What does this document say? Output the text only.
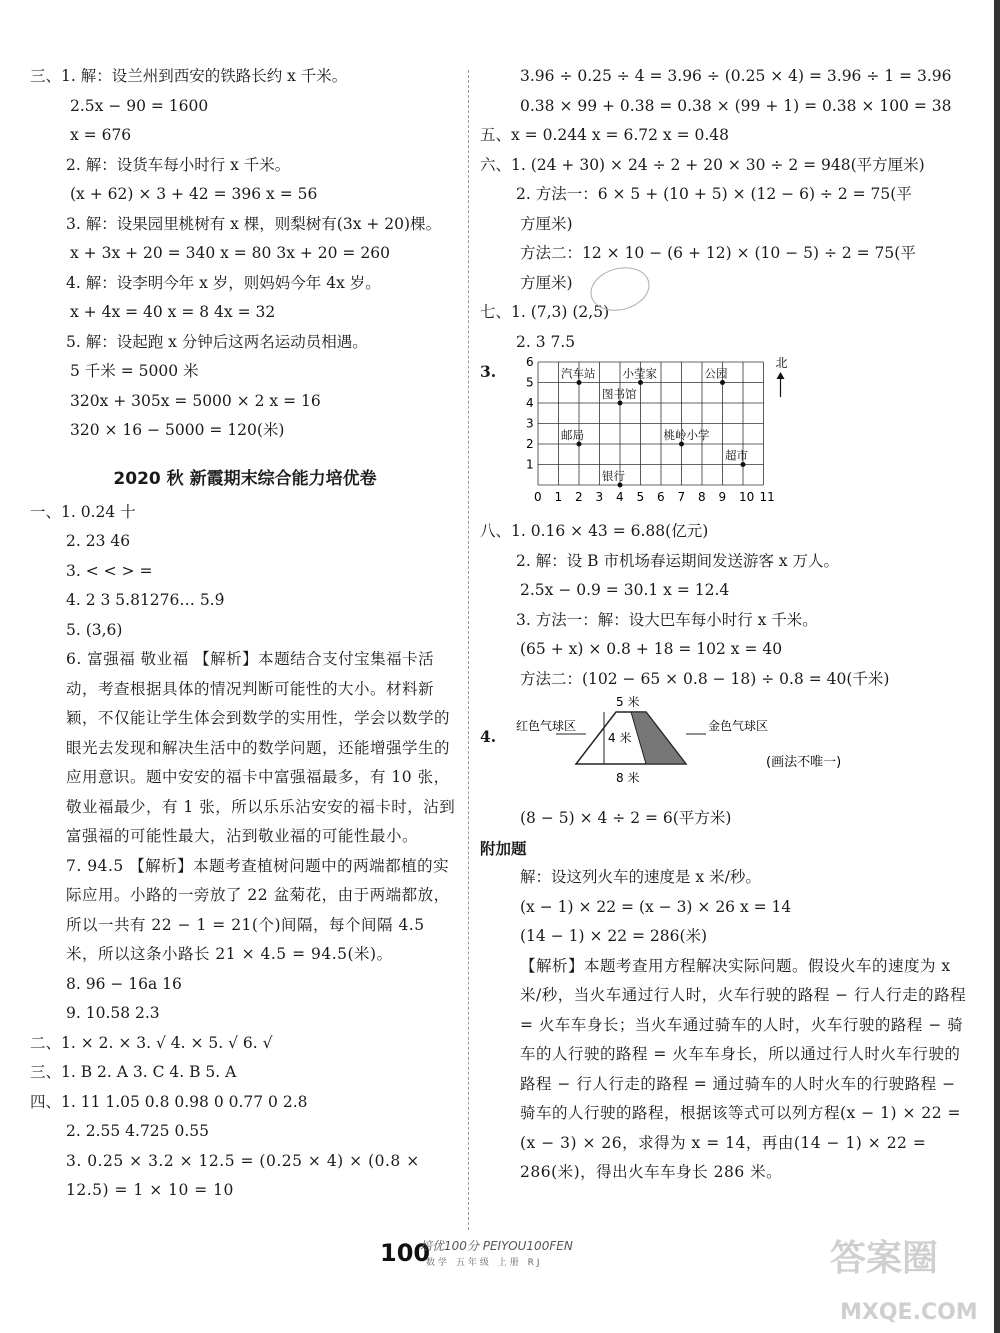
三、1. 解：设兰州到西安的铁路长约 x 千米。
2.5x − 90 = 1600
x = 676
2. 解：设货车每小时行 x 千米。
(x + 62) × 3 + 42 = 396 x = 56
3. 解：设果园里桃树有 x 棵，则梨树有(3x + 20)棵。
x + 3x + 20 = 340 x = 80 3x + 20 = 260
4. 解：设李明今年 x 岁，则妈妈今年 4x 岁。
x + 4x = 40 x = 8 4x = 32
5. 解：设起跑 x 分钟后这两名运动员相遇。
5 千米 = 5000 米
320x + 305x = 5000 × 2 x = 16
320 × 16 − 5000 = 120(米)
2020 秋 新霞期末综合能力培优卷
一、1. 0.24 十
2. 23 46
3. < < > =
4. 2 3 5.81276… 5.9̇
5. (3,6)
6. 富强福 敬业福 【解析】本题结合支付宝集福卡活动，考查根据具体的情况判断可能性的大小。材料新颖，不仅能让学生体会到数学的实用性，学会以数学的眼光去发现和解决生活中的数学问题，还能增强学生的应用意识。题中安安的福卡中富强福最多，有 10 张，敬业福最少，有 1 张，所以乐乐沾安安的福卡时，沾到富强福的可能性最大，沾到敬业福的可能性最小。
7. 94.5 【解析】本题考查植树问题中的两端都植的实际应用。小路的一旁放了 22 盆菊花，由于两端都放，所以一共有 22 − 1 = 21(个)间隔，每个间隔 4.5 米，所以这条小路长 21 × 4.5 = 94.5(米)。
8. 96 − 16a 16
9. 10.58 2.3
二、1. × 2. × 3. √ 4. × 5. √ 6. √
三、1. B 2. A 3. C 4. B 5. A
四、1. 11 1.05 0.8 0.98 0 0.77 0 2.8
2. 2.55 4.725 0.55
3. 0.25 × 3.2 × 12.5 = (0.25 × 4) × (0.8 × 12.5) = 1 × 10 = 10
3.96 ÷ 0.25 ÷ 4 = 3.96 ÷ (0.25 × 4) = 3.96 ÷ 1 = 3.96
0.38 × 99 + 0.38 = 0.38 × (99 + 1) = 0.38 × 100 = 38
五、x = 0.244 x = 6.72 x = 0.48
六、1. (24 + 30) × 24 ÷ 2 + 20 × 30 ÷ 2 = 948(平方厘米)
2. 方法一：6 × 5 + (10 + 5) × (12 − 6) ÷ 2 = 75(平
方厘米)
方法二：12 × 10 − (6 + 12) × (10 − 5) ÷ 2 = 75(平
方厘米)
七、1. (7,3) (2,5)
2. 3 7.5
3.
0 1 2 3 4 5 6 7 8 9 10 11
1
2
3
4
5
6
汽车站
图书馆
小莹家	公园
邮局	桃岭小学
超市
银行
北
八、1. 0.16 × 43 = 6.88(亿元)
2. 解：设 B 市机场春运期间发送游客 x 万人。
2.5x − 0.9 = 30.1 x = 12.4
3. 方法一：解：设大巴车每小时行 x 千米。
(65 + x) × 0.8 + 18 = 102 x = 40
方法二：(102 − 65 × 0.8 − 18) ÷ 0.8 = 40(千米)
4.
5 米
4 米
8 米
红色气球区	金色气球区
(画法不唯一)
(8 − 5) × 4 ÷ 2 = 6(平方米)
附加题
解：设这列火车的速度是 x 米/秒。
(x − 1) × 22 = (x − 3) × 26 x = 14
(14 − 1) × 22 = 286(米)
【解析】本题考查用方程解决实际问题。假设火车的速度为 x 米/秒，当火车通过行人时，火车行驶的路程 − 行人行走的路程 = 火车车身长；当火车通过骑车的人时，火车行驶的路程 − 骑车的人行驶的路程 = 火车车身长，所以通过行人时火车行驶的路程 − 行人行走的路程 = 通过骑车的人时火车的行驶路程 − 骑车的人行驶的路程，根据该等式可以列方程(x − 1) × 22 = (x − 3) × 26，求得为 x = 14，再由(14 − 1) × 22 = 286(米)，得出火车车身长 286 米。
100
培优100分 PEIYOU100FEN
数学 五年级 上册 RJ	答案圈
MXQE.COM
